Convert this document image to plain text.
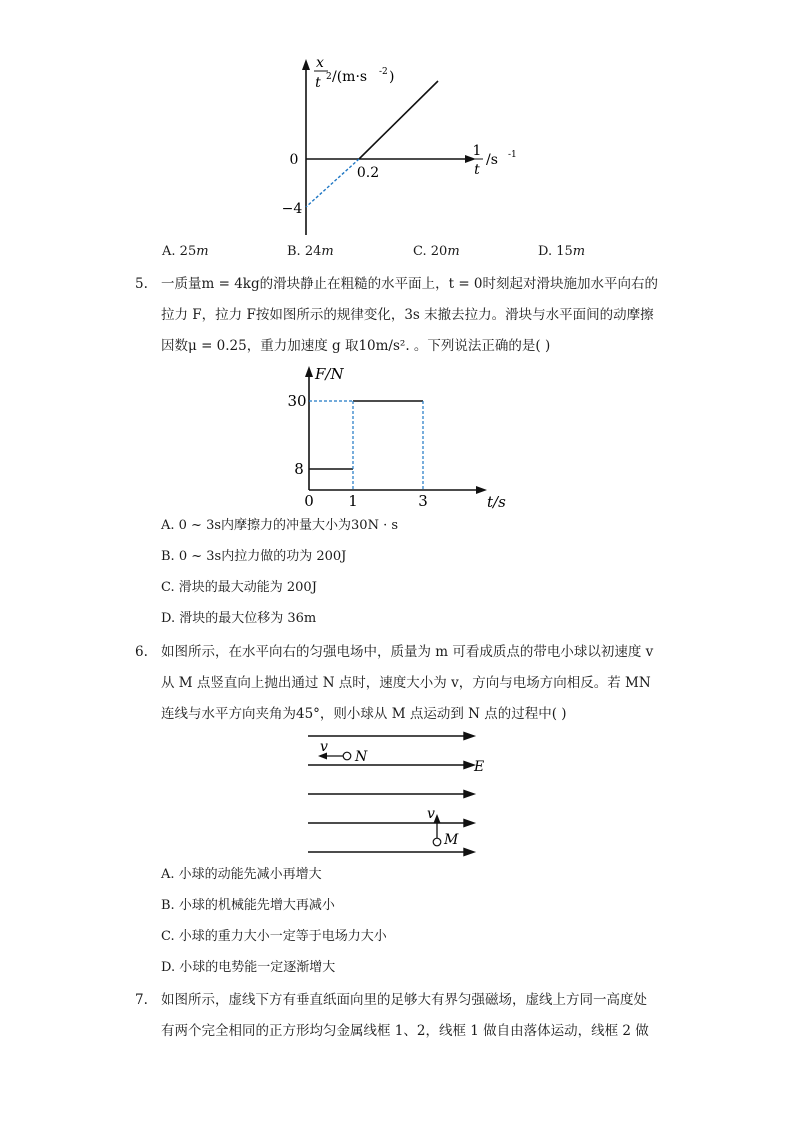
x
t 2 /(m·s -2 )
1
t
/s -1
0
0.2
−4
A. 25m	B. 24m	C. 20m	D. 15m
5. 一质量m = 4kg的滑块静止在粗糙的水平面上，t = 0时刻起对滑块施加水平向右的
拉力 F，拉力 F按如图所示的规律变化，3s 末撤去拉力。滑块与水平面间的动摩擦
因数μ = 0.25，重力加速度 g 取10m/s². 。下列说法正确的是( )
F/N
t/s
30
8
0 1	3
A. 0 ~ 3s内摩擦力的冲量大小为30N · s
B. 0 ~ 3s内拉力做的功为 200J
C. 滑块的最大动能为 200J
D. 滑块的最大位移为 36m
6. 如图所示，在水平向右的匀强电场中，质量为 m 可看成质点的带电小球以初速度 v
从 M 点竖直向上抛出通过 N 点时，速度大小为 v，方向与电场方向相反。若 MN
连线与水平方向夹角为45°，则小球从 M 点运动到 N 点的过程中( )
v
N
E
v
M
A. 小球的动能先减小再增大
B. 小球的机械能先增大再减小
C. 小球的重力大小一定等于电场力大小
D. 小球的电势能一定逐渐增大
7. 如图所示，虚线下方有垂直纸面向里的足够大有界匀强磁场，虚线上方同一高度处
有两个完全相同的正方形均匀金属线框 1、2，线框 1 做自由落体运动，线框 2 做
